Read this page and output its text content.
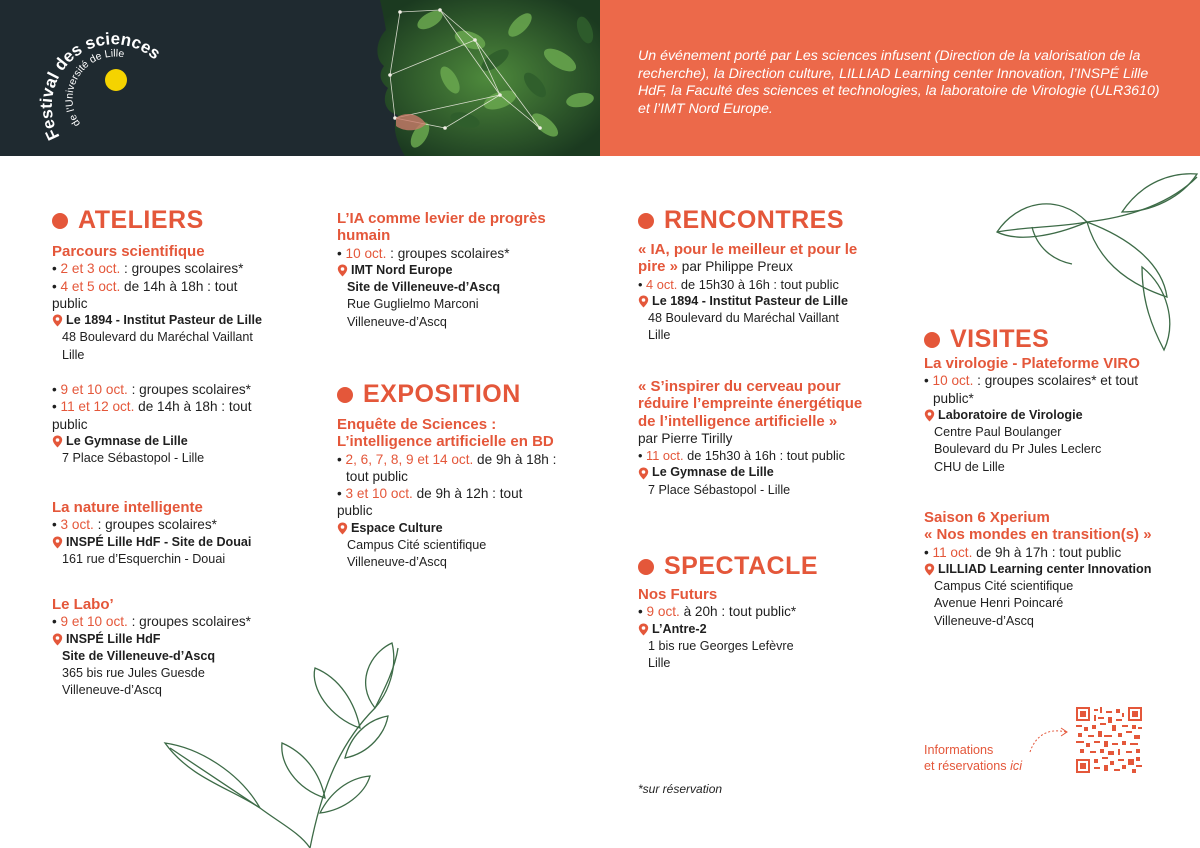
Festival des sciences
de l'Université de Lille	Un événement porté par Les sciences infusent (Direction de la valorisation de la recherche), la Direction culture, LILLIAD Learning center Innovation, l’INSPÉ Lille HdF, la Faculté des sciences et technologies, la laboratoire de Virologie (ULR3610) et l’IMT Nord Europe.

ATELIERS

Parcours scientifique

• 2 et 3 oct. : groupes scolaires*

• 4 et 5 oct. de 14h à 18h : tout

public

Le 1894 - Institut Pasteur de Lille

48 Boulevard du Maréchal Vaillant

Lille

• 9 et 10 oct. : groupes scolaires*

• 11 et 12 oct. de 14h à 18h : tout

public

Le Gymnase de Lille

7 Place Sébastopol - Lille

La nature intelligente

• 3 oct. : groupes scolaires*

INSPÉ Lille HdF - Site de Douai

161 rue d’Esquerchin - Douai

Le Labo’

• 9 et 10 oct. : groupes scolaires*

INSPÉ Lille HdF

Site de Villeneuve-d’Ascq

365 bis rue Jules Guesde

Villeneuve-d’Ascq

L’IA comme levier de progrès

humain

• 10 oct. : groupes scolaires*

IMT Nord Europe

Site de Villeneuve-d’Ascq

Rue Guglielmo Marconi

Villeneuve-d’Ascq

EXPOSITION

Enquête de Sciences :

L’intelligence artificielle en BD

• 2, 6, 7, 8, 9 et 14 oct. de 9h à 18h :

tout public

• 3 et 10 oct. de 9h à 12h : tout

public

Espace Culture

Campus Cité scientifique

Villeneuve-d’Ascq

RENCONTRES

« IA, pour le meilleur et pour le

pire » par Philippe Preux

• 4 oct. de 15h30 à 16h : tout public

Le 1894 - Institut Pasteur de Lille

48 Boulevard du Maréchal Vaillant

Lille

« S’inspirer du cerveau pour

réduire l’empreinte énergétique

de l’intelligence artificielle »

par Pierre Tirilly

• 11 oct. de 15h30 à 16h : tout public

Le Gymnase de Lille

7 Place Sébastopol - Lille

SPECTACLE

Nos Futurs

• 9 oct. à 20h : tout public*

L’Antre-2

1 bis rue Georges Lefèvre

Lille

*sur réservation

VISITES

La virologie - Plateforme VIRO

• 10 oct. : groupes scolaires* et tout

public*

Laboratoire de Virologie

Centre Paul Boulanger

Boulevard du Pr Jules Leclerc

CHU de Lille

Saison 6 Xperium

« Nos mondes en transition(s) »

• 11 oct. de 9h à 17h : tout public

LILLIAD Learning center Innovation

Campus Cité scientifique

Avenue Henri Poincaré

Villeneuve-d’Ascq

Informations
et réservations ici
